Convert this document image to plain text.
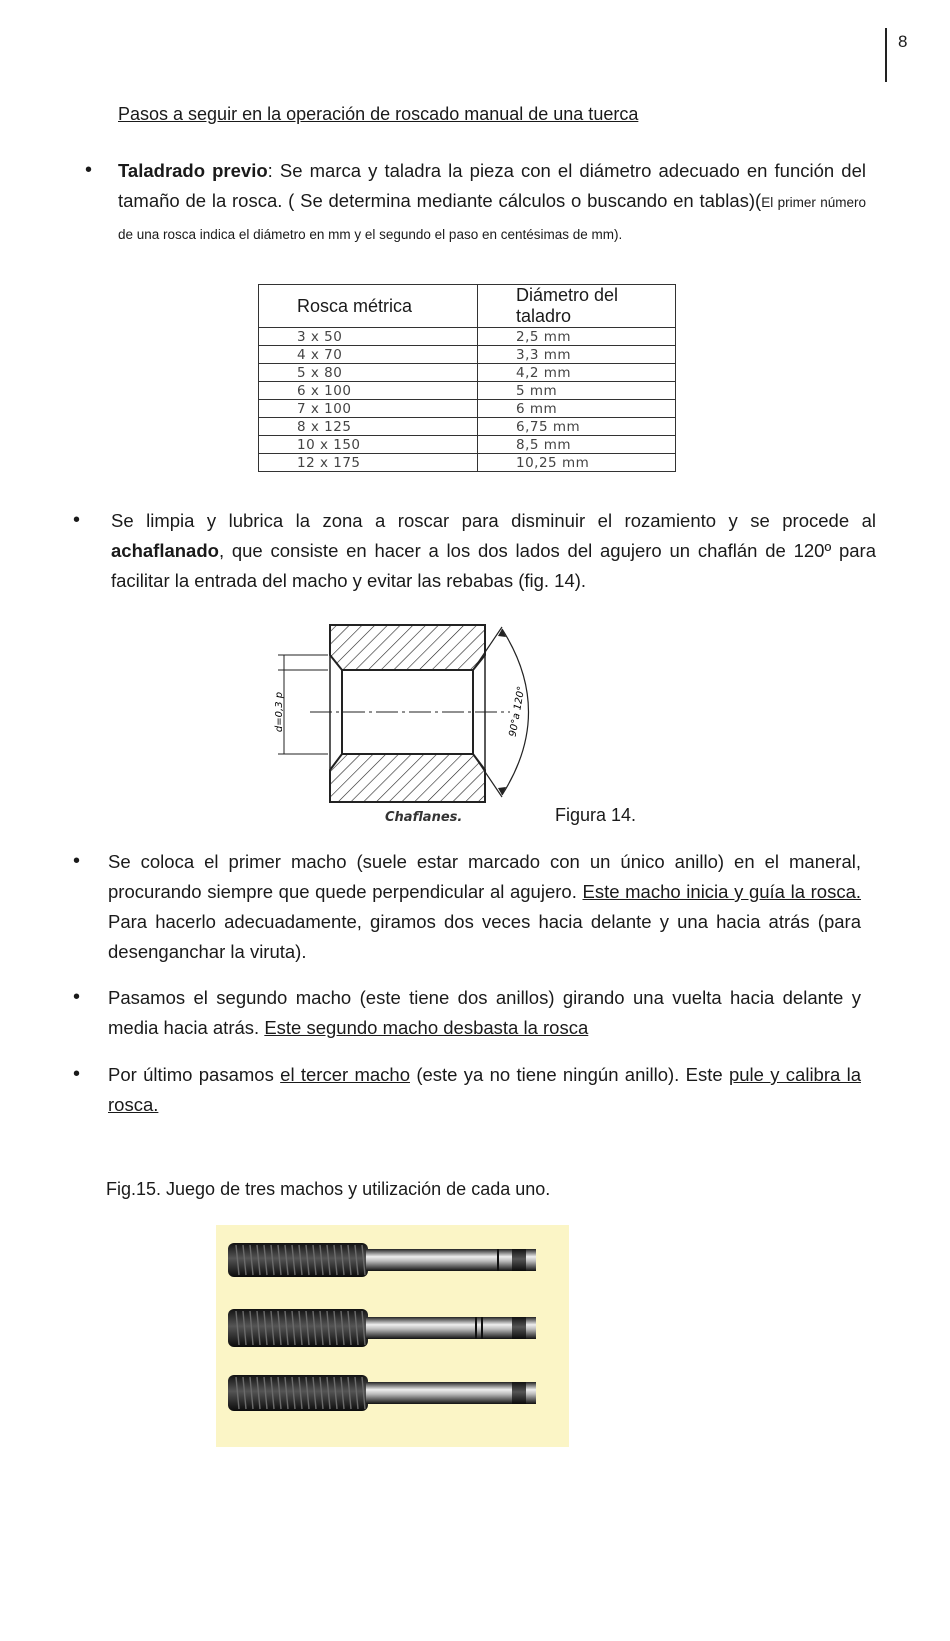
8
Pasos a seguir en la operación de roscado manual de una tuerca
• Taladrado previo: Se marca y taladra la pieza con el diámetro adecuado en función del tamaño de la rosca. ( Se determina mediante cálculos o buscando en tablas)(El primer número de una rosca indica el diámetro en mm y el segundo el paso en centésimas de mm).
Rosca métrica	Diámetro del taladro
3 x 50	2,5 mm
4 x 70	3,3 mm
5 x 80	4,2 mm
6 x 100	5 mm
7 x 100	6 mm
8 x 125	6,75 mm
10 x 150	8,5 mm
12 x 175	10,25 mm
• Se limpia y lubrica la zona a roscar para disminuir el rozamiento y se procede al achaflanado, que consiste en hacer a los dos lados del agujero un chaflán de 120º para facilitar la entrada del macho y evitar las rebabas (fig. 14).
d=0,3 p	90°a 120°
Chaflanes.	Figura 14.
• Se coloca el primer macho (suele estar marcado con un único anillo) en el maneral, procurando siempre que quede perpendicular al agujero. Este macho inicia y guía la rosca. Para hacerlo adecuadamente, giramos dos veces hacia delante y una hacia atrás (para desenganchar la viruta).
• Pasamos el segundo macho (este tiene dos anillos) girando una vuelta hacia delante y media hacia atrás. Este segundo macho desbasta la rosca
• Por último pasamos el tercer macho (este ya no tiene ningún anillo). Este pule y calibra la rosca.
Fig.15. Juego de tres machos y utilización de cada uno.
